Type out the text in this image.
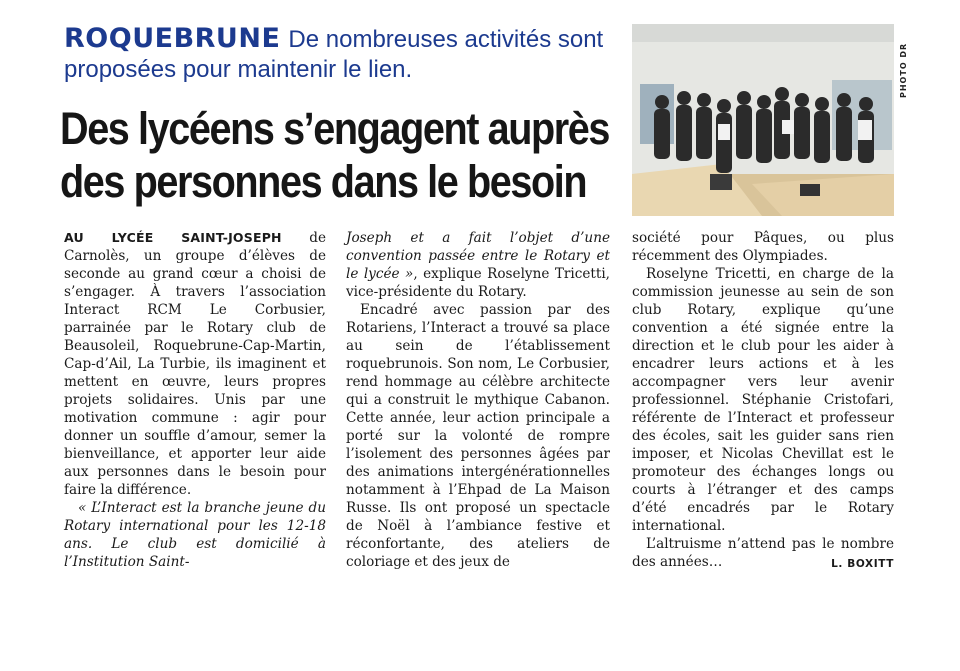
ROQUEBRUNE De nombreuses activités sont proposées pour maintenir le lien.
Des lycéens s’engagent auprès
des personnes dans le besoin
PHOTO DR

AU LYCÉE SAINT-JOSEPH de Carnolès, un groupe d’élèves de seconde au grand cœur a choisi de s’engager. À travers l’association Interact RCM Le Corbusier, parrainée par le Rotary club de Beausoleil, Roquebrune-Cap-Martin, Cap-d’Ail, La Turbie, ils imaginent et mettent en œuvre, leurs propres projets solidaires. Unis par une motivation commune : agir pour donner un souffle d’amour, semer la bienveillance, et apporter leur aide aux personnes dans le besoin pour faire la différence.

« L’Interact est la branche jeune du Rotary international pour les 12-18 ans. Le club est domicilié à l’Institution Saint-

Joseph et a fait l’objet d’une convention passée entre le Rotary et le lycée », explique Roselyne Tricetti, vice-présidente du Rotary.

Encadré avec passion par des Rotariens, l’Interact a trouvé sa place au sein de l’établissement roquebrunois. Son nom, Le Corbusier, rend hommage au célèbre architecte qui a construit le mythique Cabanon. Cette année, leur action principale a porté sur la volonté de rompre l’isolement des personnes âgées par des animations intergénérationnelles notamment à l’Ehpad de La Maison Russe. Ils ont proposé un spectacle de Noël à l’ambiance festive et réconfortante, des ateliers de coloriage et des jeux de

société pour Pâques, ou plus récemment des Olympiades.

Roselyne Tricetti, en charge de la commission jeunesse au sein de son club Rotary, explique qu’une convention a été signée entre la direction et le club pour les aider à encadrer leurs actions et à les accompagner vers leur avenir professionnel. Stéphanie Cristofari, référente de l’Interact et professeur des écoles, sait les guider sans rien imposer, et Nicolas Chevillat est le promoteur des échanges longs ou courts à l’étranger et des camps d’été encadrés par le Rotary international.

L’altruisme n’attend pas le nombre des années…	L. BOXITT
